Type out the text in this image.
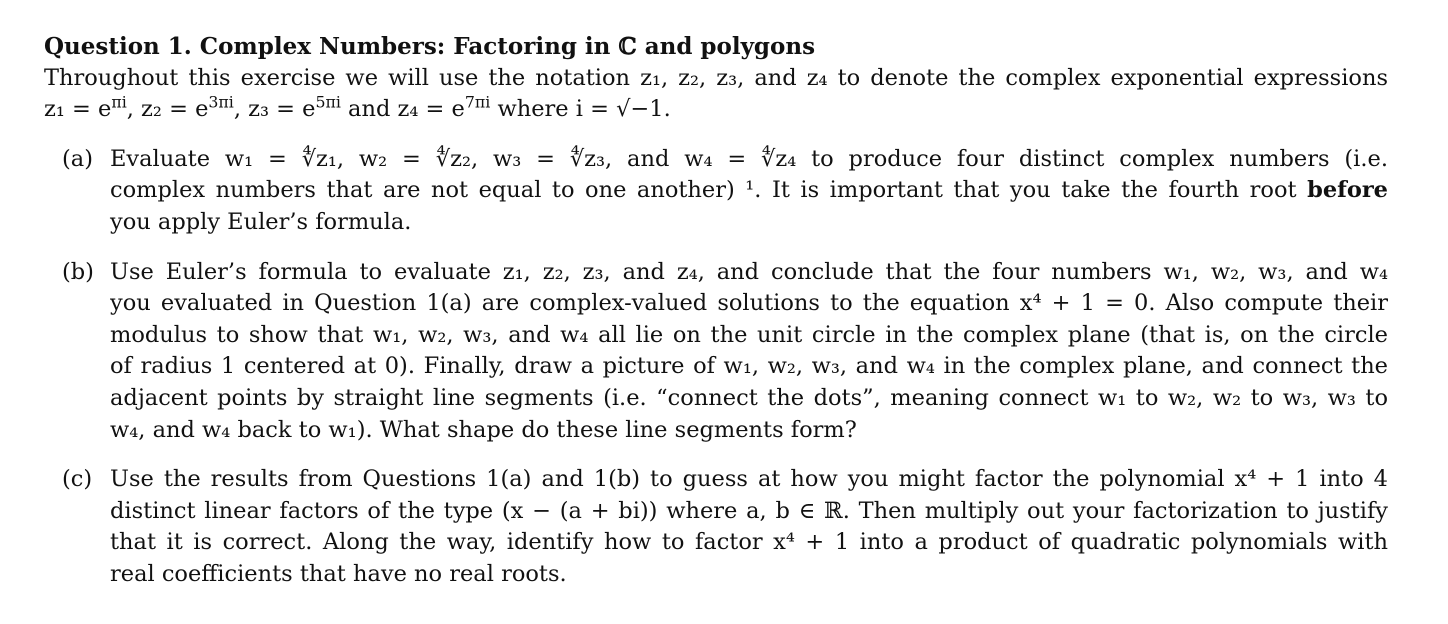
Question 1. Complex Numbers: Factoring in ℂ and polygons
Throughout this exercise we will use the notation z₁, z₂, z₃, and z₄ to denote the complex exponential expressions
$z_1 = e^{\pi i}$, $z_2 = e^{3\pi i}$, $z_3 = e^{5\pi i}$ and $z_4 = e^{7\pi i}$ where i = √−1.
(a) Evaluate w₁ = ∜z₁, w₂ = ∜z₂, w₃ = ∜z₃, and w₄ = ∜z₄ to produce four distinct complex numbers (i.e.
complex numbers that are not equal to one another) ¹. It is important that you take the fourth root before
you apply Euler’s formula.
(b) Use Euler’s formula to evaluate z₁, z₂, z₃, and z₄, and conclude that the four numbers w₁, w₂, w₃, and w₄
you evaluated in Question 1(a) are complex-valued solutions to the equation x⁴ + 1 = 0. Also compute their
modulus to show that w₁, w₂, w₃, and w₄ all lie on the unit circle in the complex plane (that is, on the circle
of radius 1 centered at 0). Finally, draw a picture of w₁, w₂, w₃, and w₄ in the complex plane, and connect the
adjacent points by straight line segments (i.e. “connect the dots”, meaning connect w₁ to w₂, w₂ to w₃, w₃ to
w₄, and w₄ back to w₁). What shape do these line segments form?
(c) Use the results from Questions 1(a) and 1(b) to guess at how you might factor the polynomial x⁴ + 1 into 4
distinct linear factors of the type (x − (a + bi)) where a, b ∈ ℝ. Then multiply out your factorization to justify
that it is correct. Along the way, identify how to factor x⁴ + 1 into a product of quadratic polynomials with
real coefficients that have no real roots.
